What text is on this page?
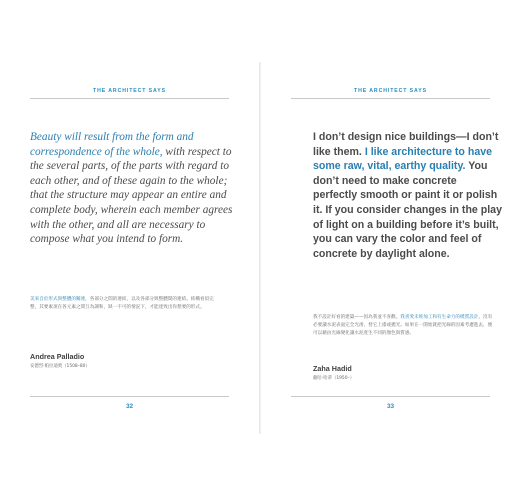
THE ARCHITECT SAYS

Beauty will result from the form and correspondence of the whole, with respect to the several parts, of the parts with regard to each other, and of these again to the whole; that the structure may appear an entire and complete body, wherein each member agrees with the other, and all are necessary to compose what you intend to form.

美來自於形式與整體的關連，各部分之間的連結，以及各部分與整體間的連結。結構看似完整，其要素須在各元素之間互為調和，缺一不可的情況下，才能達致出你想要的形式。

Andrea Palladio
安德烈·帕拉迪奧（1508–80）
32
THE ARCHITECT SAYS

I don’t design nice buildings—I don’t like them. I like architecture to have some raw, vital, earthy quality. You don’t need to make concrete perfectly smooth or paint it or polish it. If you consider changes in the play of light on a building before it’s built, you can vary the color and feel of concrete by daylight alone.

我不設計好看的建築——因為我並不喜歡。我喜愛未經加工和有生命力的樸質設計。沒有必要讓水泥表面完全光滑，替它上漆或拋光。如果在一開始就把光線的因素考慮進去，便可以藉由光線變化讓水泥產生不同的顏色與質感。

Zaha Hadid
薩哈·哈蒂（1950–）
33
